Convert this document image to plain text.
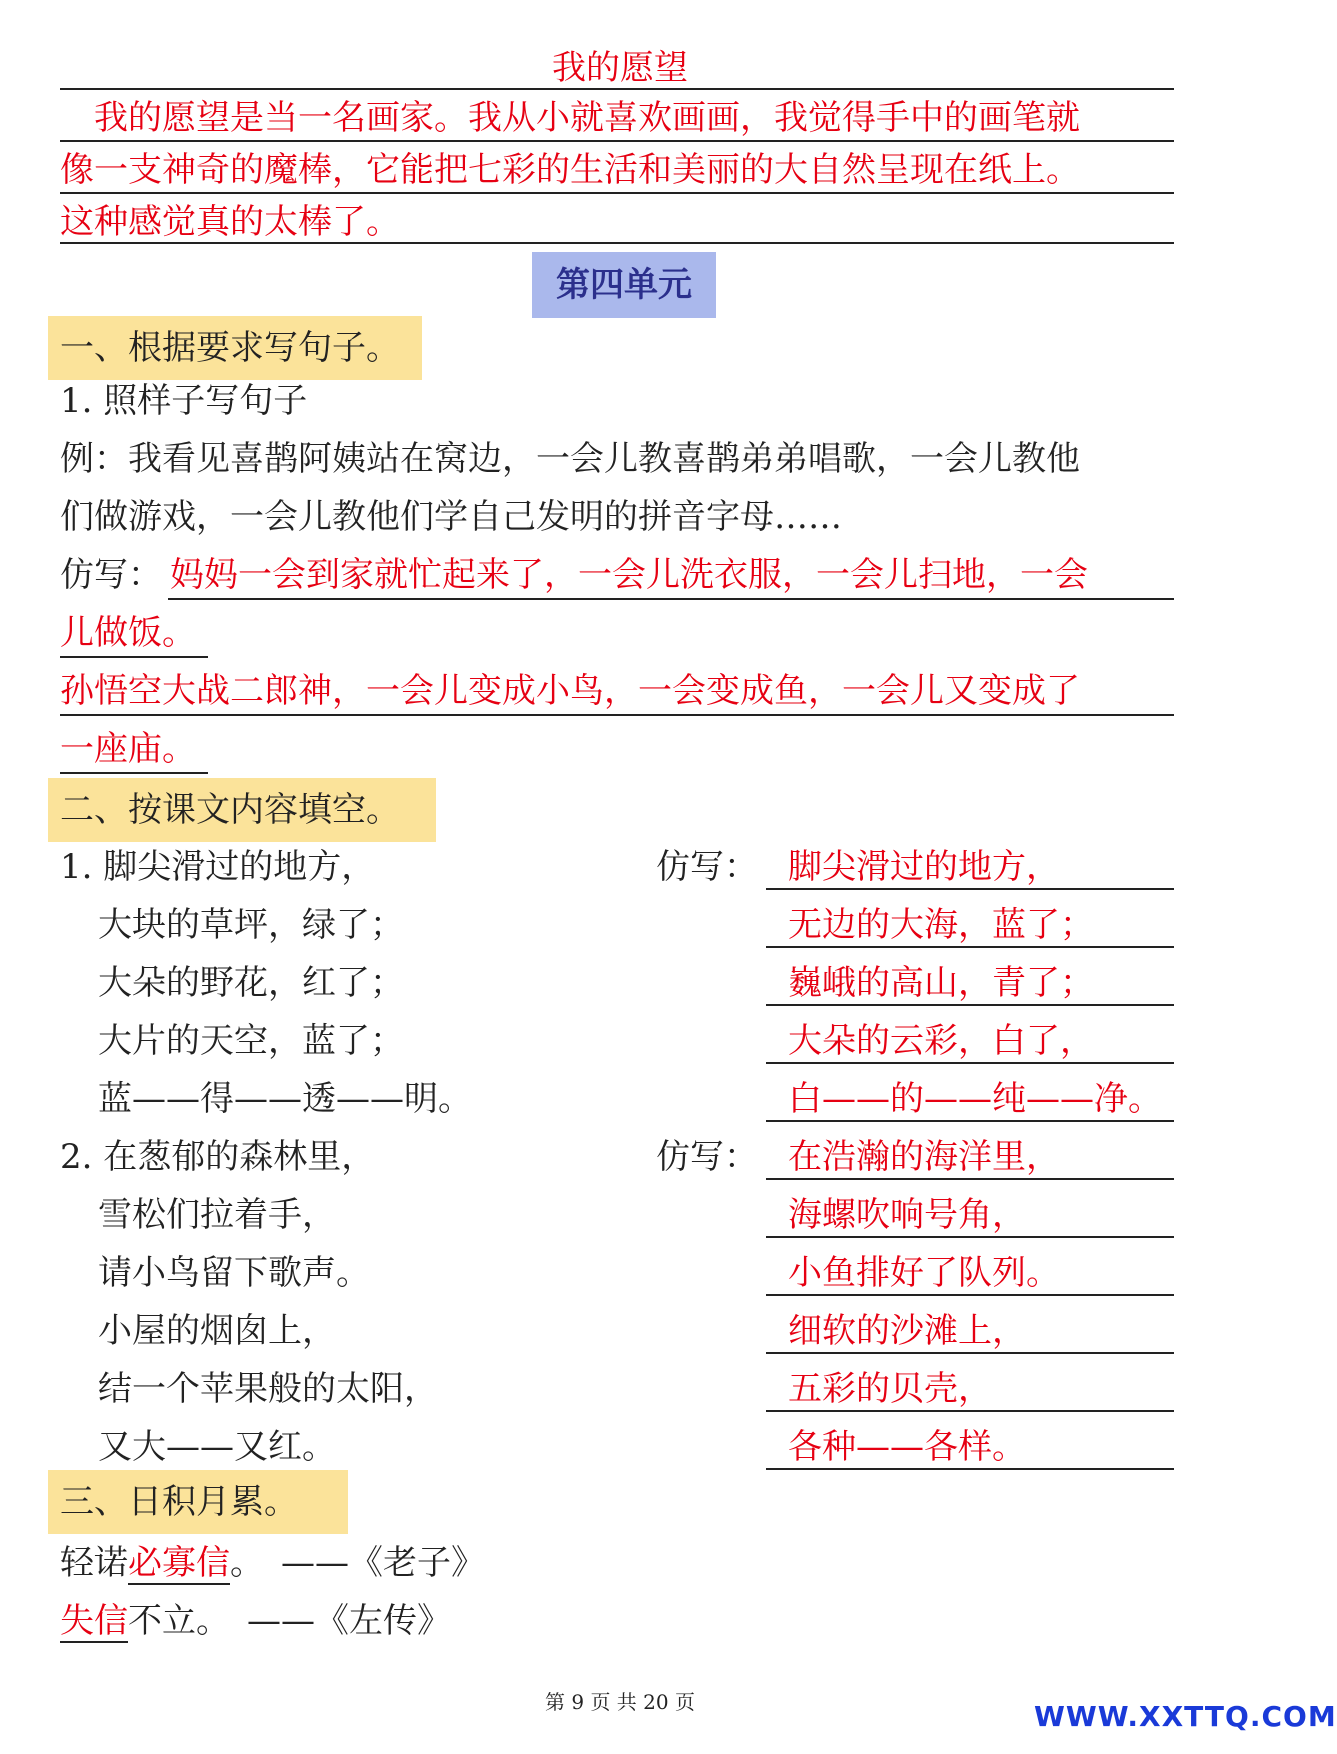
我的愿望
　我的愿望是当一名画家。我从小就喜欢画画，我觉得手中的画笔就
像一支神奇的魔棒，它能把七彩的生活和美丽的大自然呈现在纸上。
这种感觉真的太棒了。
第四单元
一、根据要求写句子。
1. 照样子写句子
例：我看见喜鹊阿姨站在窝边，一会儿教喜鹊弟弟唱歌，一会儿教他
们做游戏，一会儿教他们学自己发明的拼音字母……
仿写： 妈妈一会到家就忙起来了，一会儿洗衣服，一会儿扫地，一会
儿做饭。
孙悟空大战二郎神，一会儿变成小鸟，一会变成鱼，一会儿又变成了
一座庙。
二、按课文内容填空。
1. 脚尖滑过的地方，
大块的草坪，绿了；
大朵的野花，红了；
大片的天空，蓝了；
蓝——得——透——明。
仿写： 脚尖滑过的地方，
无边的大海，蓝了；
巍峨的高山，青了；
大朵的云彩，白了，
白——的——纯——净。
2. 在葱郁的森林里，
雪松们拉着手，
请小鸟留下歌声。
小屋的烟囱上，
结一个苹果般的太阳，
又大——又红。
仿写： 在浩瀚的海洋里，
海螺吹响号角，
小鱼排好了队列。
细软的沙滩上，
五彩的贝壳，
各种——各样。
三、日积月累。
轻诺必寡信。　——《老子》
失信不立。　——《左传》
第 9 页 共 20 页	WWW.XXTTQ.COM
